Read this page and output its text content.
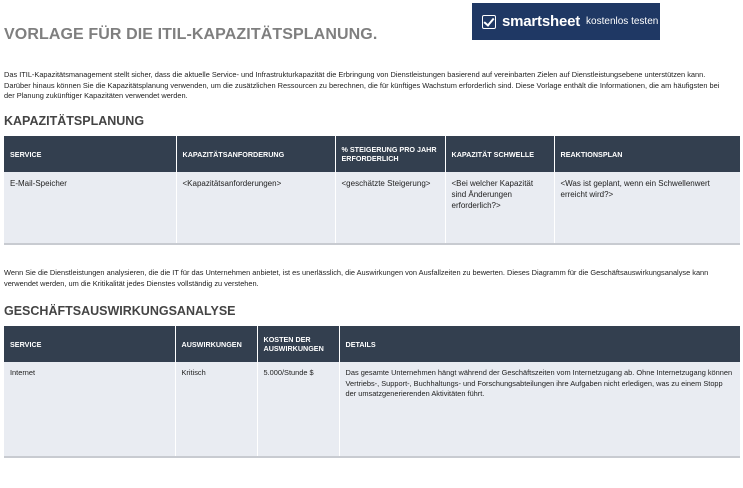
VORLAGE FÜR DIE ITIL-KAPAZITÄTSPLANUNG.
smartsheet kostenlos testen
Das ITIL-Kapazitätsmanagement stellt sicher, dass die aktuelle Service- und Infrastrukturkapazität die Erbringung von Dienstleistungen basierend auf vereinbarten Zielen auf Dienstleistungsebene unterstützen kann. Darüber hinaus können Sie die Kapazitätsplanung verwenden, um die zusätzlichen Ressourcen zu berechnen, die für künftiges Wachstum erforderlich sind. Diese Vorlage enthält die Informationen, die am häufigsten bei der Planung zukünftiger Kapazitäten verwendet werden.
KAPAZITÄTSPLANUNG
SERVICE	KAPAZITÄTSANFORDERUNG	% STEIGERUNG PRO JAHR ERFORDERLICH	KAPAZITÄT SCHWELLE	REAKTIONSPLAN
E-Mail-Speicher	<Kapazitätsanforderungen>	<geschätzte Steigerung>	<Bei welcher Kapazität sind Änderungen erforderlich?>	<Was ist geplant, wenn ein Schwellenwert erreicht wird?>
Wenn Sie die Dienstleistungen analysieren, die die IT für das Unternehmen anbietet, ist es unerlässlich, die Auswirkungen von Ausfallzeiten zu bewerten. Dieses Diagramm für die Geschäftsauswirkungsanalyse kann verwendet werden, um die Kritikalität jedes Dienstes vollständig zu verstehen.
GESCHÄFTSAUSWIRKUNGSANALYSE
SERVICE	AUSWIRKUNGEN	KOSTEN DER AUSWIRKUNGEN	DETAILS
Internet	Kritisch	5.000/Stunde $	Das gesamte Unternehmen hängt während der Geschäftszeiten vom Internetzugang ab. Ohne Internetzugang können Vertriebs-, Support-, Buchhaltungs- und Forschungsabteilungen ihre Aufgaben nicht erledigen, was zu einem Stopp der umsatzgenerierenden Aktivitäten führt.
